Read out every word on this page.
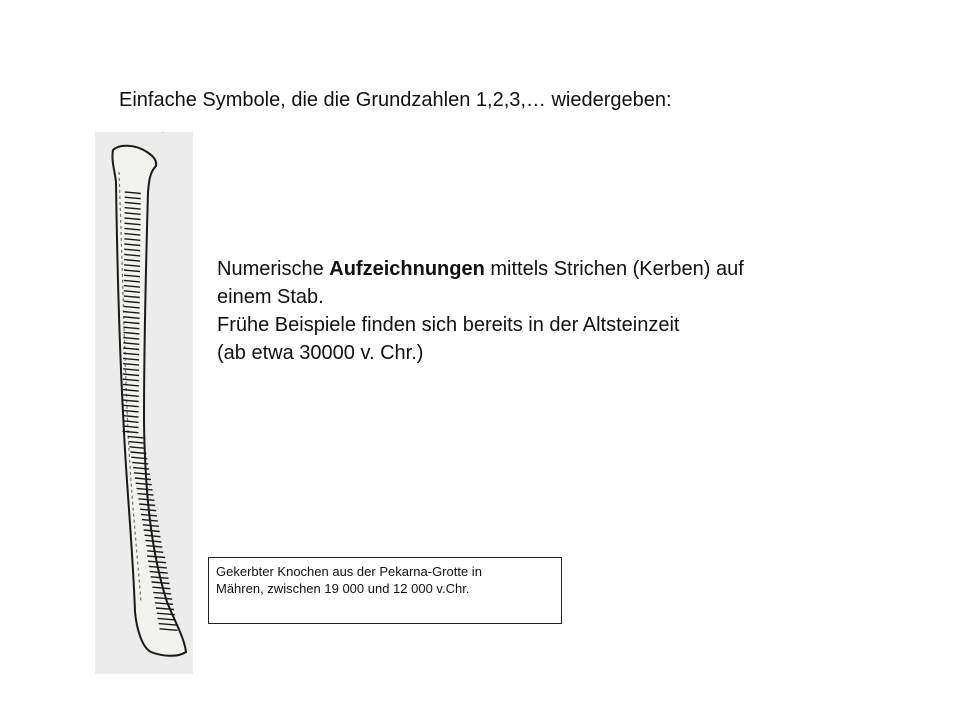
Einfache Symbole, die die Grundzahlen 1,2,3,… wiedergeben:
`

Numerische Aufzeichnungen mittels Strichen (Kerben) auf

einem Stab.

Frühe Beispiele finden sich bereits in der Altsteinzeit

(ab etwa 30000 v. Chr.)

Gekerbter Knochen aus der Pekarna-Grotte in
Mähren, zwischen 19 000 und 12 000 v.Chr.
